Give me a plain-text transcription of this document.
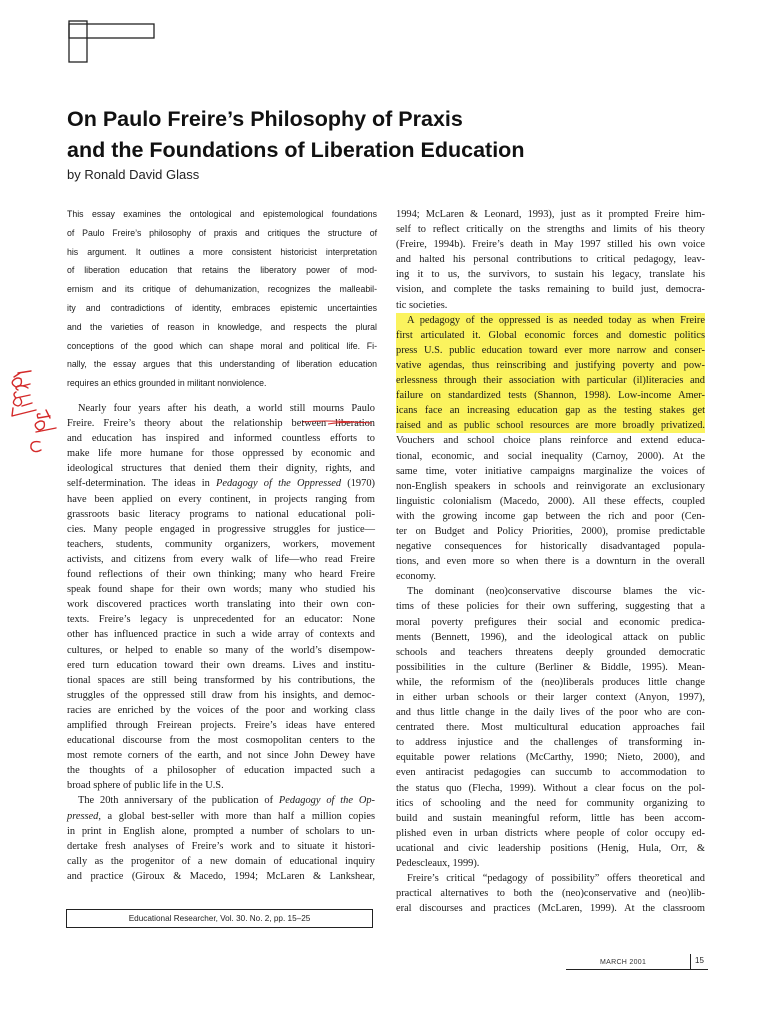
On Paulo Freire’s Philosophy of Praxis
and the Foundations of Liberation Education
by Ronald David Glass
This essay examines the ontological and epistemological foundations
of Paulo Freire’s philosophy of praxis and critiques the structure of
his argument. It outlines a more consistent historicist interpretation
of liberation education that retains the liberatory power of mod-
ernism and its critique of dehumanization, recognizes the malleabil-
ity and contradictions of identity, embraces epistemic uncertainties
and the varieties of reason in knowledge, and respects the plural
conceptions of the good which can shape moral and political life. Fi-
nally, the essay argues that this understanding of liberation education
requires an ethics grounded in militant nonviolence.
Nearly four years after his death, a world still mourns Paulo
Freire. Freire’s theory about the relationship between liberation
and education has inspired and informed countless efforts to
make life more humane for those oppressed by economic and
ideological structures that denied them their dignity, rights, and
self-determination. The ideas in Pedagogy of the Oppressed (1970)
have been applied on every continent, in projects ranging from
grassroots basic literacy programs to national educational poli-
cies. Many people engaged in progressive struggles for justice—
teachers, students, community organizers, workers, movement
activists, and citizens from every walk of life—who read Freire
found reflections of their own thinking; many who heard Freire
speak found shape for their own words; many who studied his
work discovered practices worth translating into their own con-
texts. Freire’s legacy is unprecedented for an educator: None
other has influenced practice in such a wide array of contexts and
cultures, or helped to enable so many of the world’s disempow-
ered turn education toward their own dreams. Lives and institu-
tional spaces are still being transformed by his contributions, the
struggles of the oppressed still draw from his insights, and democ-
racies are enriched by the voices of the poor and working class
amplified through Freirean projects. Freire’s ideas have entered
educational discourse from the most cosmopolitan centers to the
most remote corners of the earth, and not since John Dewey have
the thoughts of a philosopher of education impacted such a
broad sphere of public life in the U.S.
The 20th anniversary of the publication of Pedagogy of the Op-
pressed, a global best-seller with more than half a million copies
in print in English alone, prompted a number of scholars to un-
dertake fresh analyses of Freire’s work and to situate it histori-
cally as the progenitor of a new domain of educational inquiry
and practice (Giroux & Macedo, 1994; McLaren & Lankshear,
1994; McLaren & Leonard, 1993), just as it prompted Freire him-
self to reflect critically on the strengths and limits of his theory
(Freire, 1994b). Freire’s death in May 1997 stilled his own voice
and halted his personal contributions to critical pedagogy, leav-
ing it to us, the survivors, to sustain his legacy, translate his
vision, and complete the tasks remaining to build just, democra-
tic societies.
A pedagogy of the oppressed is as needed today as when Freire
first articulated it. Global economic forces and domestic politics
press U.S. public education toward ever more narrow and conser-
vative agendas, thus reinscribing and justifying poverty and pow-
erlessness through their association with particular (il)literacies and
failure on standardized tests (Shannon, 1998). Low-income Amer-
icans face an increasing education gap as the testing stakes get
raised and as public school resources are more broadly privatized.
Vouchers and school choice plans reinforce and extend educa-
tional, economic, and social inequality (Carnoy, 2000). At the
same time, voter initiative campaigns marginalize the voices of
non-English speakers in schools and reinvigorate an exclusionary
linguistic colonialism (Macedo, 2000). All these effects, coupled
with the growing income gap between the rich and poor (Cen-
ter on Budget and Policy Priorities, 2000), promise predictable
negative consequences for historically disadvantaged popula-
tions, and even more so when there is a downturn in the overall
economy.
The dominant (neo)conservative discourse blames the vic-
tims of these policies for their own suffering, suggesting that a
moral poverty prefigures their social and economic predica-
ments (Bennett, 1996), and the ideological attack on public
schools and teachers threatens deeply grounded democratic
possibilities in the culture (Berliner & Biddle, 1995). Mean-
while, the reformism of the (neo)liberals produces little change
in either urban schools or their larger context (Anyon, 1997),
and thus little change in the daily lives of the poor who are con-
centrated there. Most multicultural education approaches fail
to address injustice and the challenges of transforming in-
equitable power relations (McCarthy, 1990; Nieto, 2000), and
even antiracist pedagogies can succumb to accommodation to
the status quo (Flecha, 1999). Without a clear focus on the pol-
itics of schooling and the need for community organizing to
build and sustain meaningful reform, little has been accom-
plished even in urban districts where people of color occupy ed-
ucational and civic leadership positions (Henig, Hula, Orr, &
Pedescleaux, 1999).
Freire’s critical “pedagogy of possibility” offers theoretical and
practical alternatives to both the (neo)conservative and (neo)lib-
eral discourses and practices (McLaren, 1999). At the classroom
Educational Researcher, Vol. 30. No. 2, pp. 15–25
MARCH 2001	15
